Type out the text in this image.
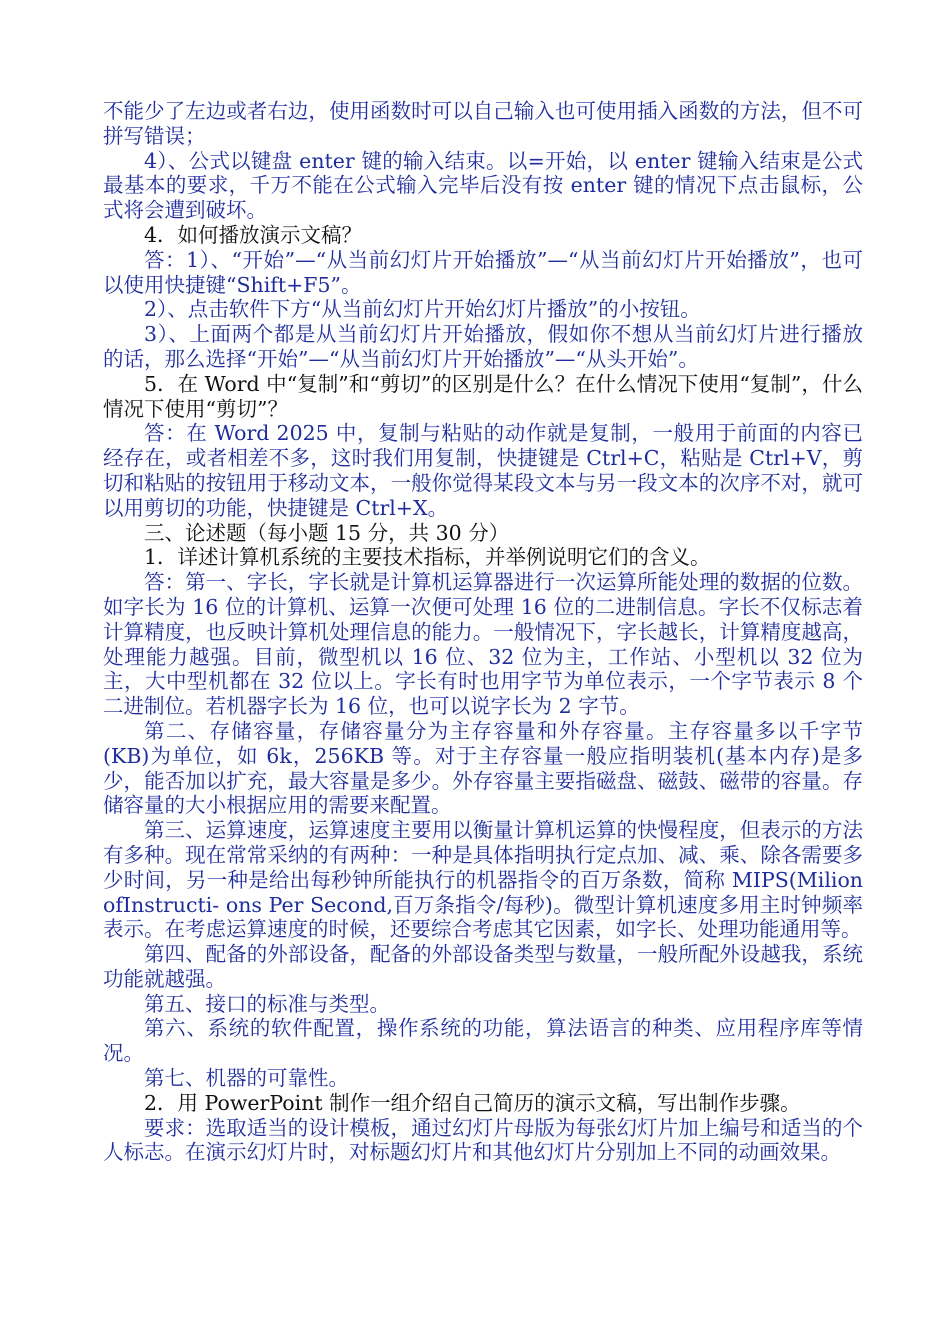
不能少了左边或者右边，使用函数时可以自己输入也可使用插入函数的方法，但不可拼写错误；

4）、公式以键盘 enter 键的输入结束。以=开始，以 enter 键输入结束是公式最基本的要求，千万不能在公式输入完毕后没有按 enter 键的情况下点击鼠标，公式将会遭到破坏。

4．如何播放演示文稿？

答：1）、“开始”—“从当前幻灯片开始播放”—“从当前幻灯片开始播放”，也可以使用快捷键“Shift+F5”。

2）、点击软件下方“从当前幻灯片开始幻灯片播放”的小按钮。

3）、上面两个都是从当前幻灯片开始播放，假如你不想从当前幻灯片进行播放的话，那么选择“开始”—“从当前幻灯片开始播放”—“从头开始”。

5．在 Word 中“复制”和“剪切”的区别是什么？在什么情况下使用“复制”，什么情况下使用“剪切”？

答：在 Word 2025 中，复制与粘贴的动作就是复制，一般用于前面的内容已经存在，或者相差不多，这时我们用复制，快捷键是 Ctrl+C，粘贴是 Ctrl+V，剪切和粘贴的按钮用于移动文本，一般你觉得某段文本与另一段文本的次序不对，就可以用剪切的功能，快捷键是 Ctrl+X。

三、论述题（每小题 15 分，共 30 分）

1．详述计算机系统的主要技术指标，并举例说明它们的含义。

答：第一、字长，字长就是计算机运算器进行一次运算所能处理的数据的位数。如字长为 16 位的计算机、运算一次便可处理 16 位的二进制信息。字长不仅标志着计算精度，也反映计算机处理信息的能力。一般情况下，字长越长，计算精度越高，处理能力越强。目前，微型机以 16 位、32 位为主，工作站、小型机以 32 位为主，大中型机都在 32 位以上。字长有时也用字节为单位表示，一个字节表示 8 个二进制位。若机器字长为 16 位，也可以说字长为 2 字节。

第二、存储容量，存储容量分为主存容量和外存容量。主存容量多以千字节(KB)为单位，如 6k，256KB 等。对于主存容量一般应指明装机(基本内存)是多少，能否加以扩充，最大容量是多少。外存容量主要指磁盘、磁鼓、磁带的容量。存储容量的大小根据应用的需要来配置。

第三、运算速度，运算速度主要用以衡量计算机运算的快慢程度，但表示的方法有多种。现在常常采纳的有两种：一种是具体指明执行定点加、减、乘、除各需要多少时间，另一种是给出每秒钟所能执行的机器指令的百万条数，简称 MIPS(Milion ofInstructi- ons Per Second,百万条指令/每秒)。微型计算机速度多用主时钟频率表示。在考虑运算速度的时候，还要综合考虑其它因素，如字长、处理功能通用等。

第四、配备的外部设备，配备的外部设备类型与数量，一般所配外设越我，系统功能就越强。

第五、接口的标准与类型。

第六、系统的软件配置，操作系统的功能，算法语言的种类、应用程序库等情况。

第七、机器的可靠性。

2．用 PowerPoint 制作一组介绍自己简历的演示文稿，写出制作步骤。

要求：选取适当的设计模板，通过幻灯片母版为每张幻灯片加上编号和适当的个人标志。在演示幻灯片时，对标题幻灯片和其他幻灯片分别加上不同的动画效果。
